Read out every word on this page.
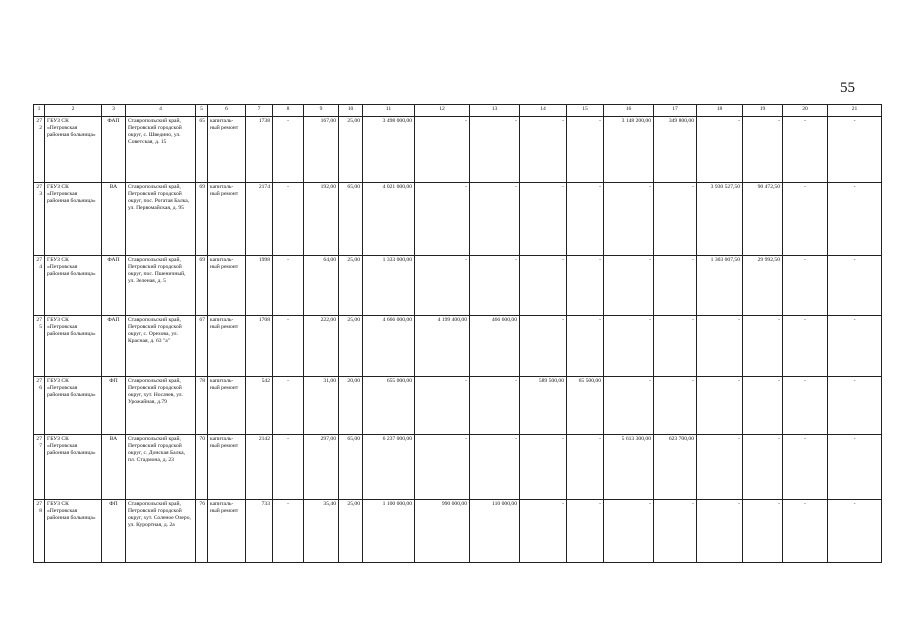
55
1	2	3	4	5	6	7	8	9	10	11	12	13	14	15	16	17	18	19	20	21
272	ГБУЗ СК «Петровская районная больница»	ФАП	Ставропольский край, Петровский городской округ, с. Шведино, ул. Советская, д. 15	65	капиталь-ный ремонт	1738	-	167,00	25,00	3 498 000,00	-	-	-	-	3 148 200,00	349 800,00	-	-	-	-
273	ГБУЗ СК «Петровская районная больница»	ВА	Ставропольский край, Петровский городской округ, пос. Рогатая Балка, ул. Первомайская, д. 95	69	капиталь-ный ремонт	2174	-	192,00	65,00	4 021 000,00	-	-	-	-	-	-	3 930 527,50	90 472,50	-	-
274	ГБУЗ СК «Петровская районная больница»	ФАП	Ставропольский край, Петровский городской округ, пос. Пшеничный, ул. Зеленая, д. 5	69	капиталь-ный ремонт	1998	-	64,00	25,00	1 333 000,00	-	-	-	-	-	-	1 303 007,50	29 992,50	-	-
275	ГБУЗ СК «Петровская районная больница»	ФАП	Ставропольский край, Петровский городской округ, с. Орехова, ул. Красная, д. 63 "а"	67	капиталь-ный ремонт	1708	-	222,00	25,00	4 666 000,00	4 199 400,00	466 600,00	-	-	-	-	-	-	-	-
276	ГБУЗ СК «Петровская районная больница»	ФП	Ставропольский край, Петровский городской округ, хут. Носачев, ул. Урожайная, д.79	78	капиталь-ный ремонт	542	-	31,00	20,00	655 000,00	-	-	589 500,00	65 500,00	-	-	-	-	-	-
277	ГБУЗ СК «Петровская районная больница»	ВА	Ставропольский край, Петровский городской округ, с. Донская Балка, пл. Стадмона, д. 23	70	капиталь-ный ремонт	2142	-	297,00	65,00	6 237 000,00	-	-	-	-	5 613 300,00	623 700,00	-	-	-	-
278	ГБУЗ СК «Петровская районная больница»	ФП	Ставропольский край, Петровский городской округ, хут. Соленое Озеро, ул. Курортная, д. 2а	76	капиталь-ный ремонт	733	-	35,40	25,00	1 100 000,00	990 000,00	110 000,00	-	-	-	-	-	-	-	-
